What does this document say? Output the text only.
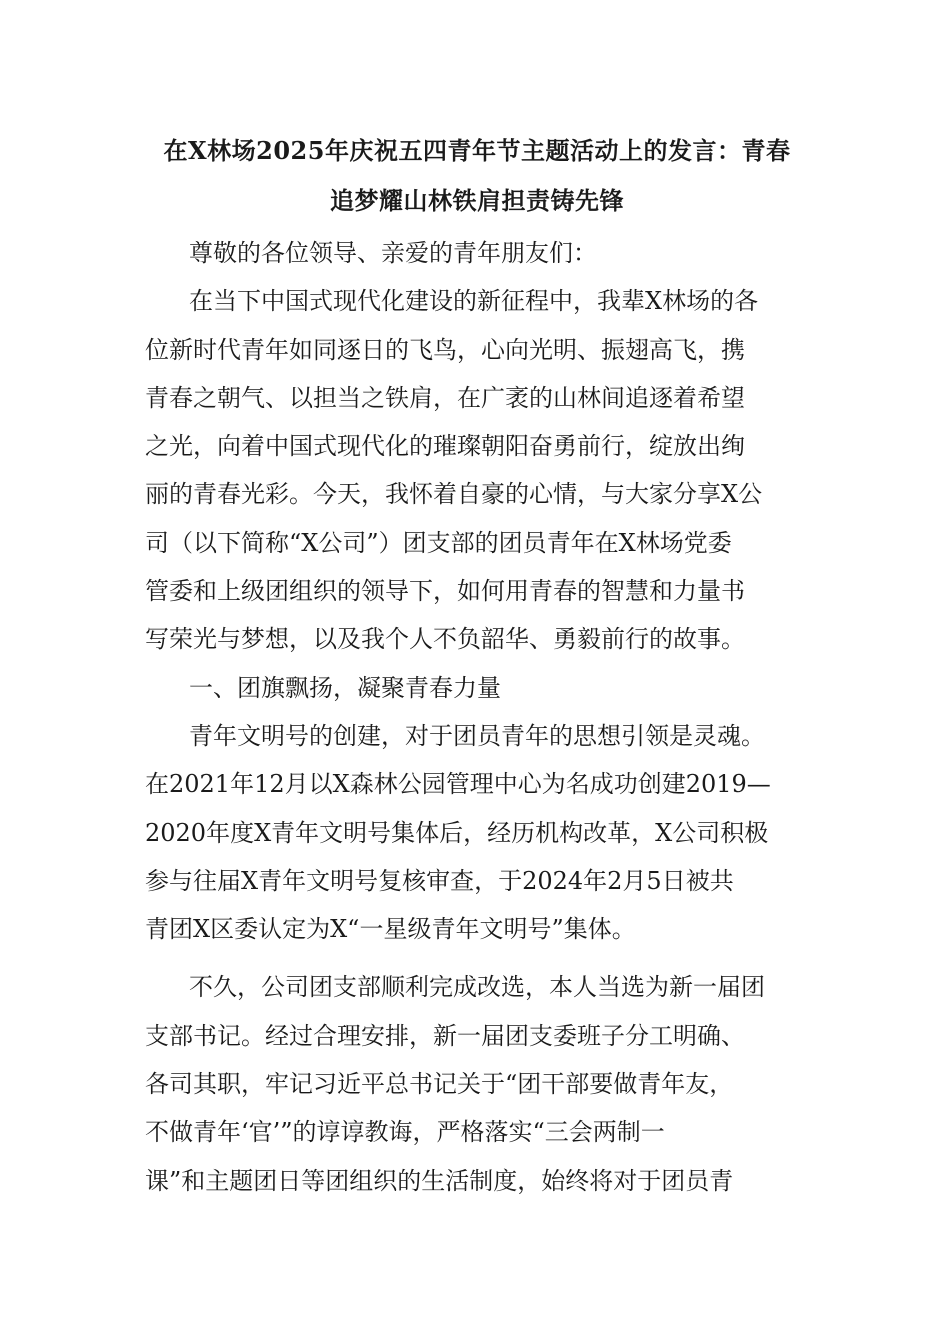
在X林场2025年庆祝五四青年节主题活动上的发言：青春
追梦耀山林铁肩担责铸先锋

尊敬的各位领导、亲爱的青年朋友们：

在当下中国式现代化建设的新征程中，我辈X林场的各
位新时代青年如同逐日的飞鸟，心向光明、振翅高飞，携
青春之朝气、以担当之铁肩，在广袤的山林间追逐着希望
之光，向着中国式现代化的璀璨朝阳奋勇前行，绽放出绚
丽的青春光彩。今天，我怀着自豪的心情，与大家分享X公
司（以下简称“X公司”）团支部的团员青年在X林场党委
管委和上级团组织的领导下，如何用青春的智慧和力量书
写荣光与梦想，以及我个人不负韶华、勇毅前行的故事。

一、团旗飘扬，凝聚青春力量

青年文明号的创建，对于团员青年的思想引领是灵魂。
在2021年12月以X森林公园管理中心为名成功创建2019—
2020年度X青年文明号集体后，经历机构改革，X公司积极
参与往届X青年文明号复核审查，于2024年2月5日被共
青团X区委认定为X“一星级青年文明号”集体。

不久，公司团支部顺利完成改选，本人当选为新一届团
支部书记。经过合理安排，新一届团支委班子分工明确、
各司其职，牢记习近平总书记关于“团干部要做青年友，
不做青年‘官’”的谆谆教诲，严格落实“三会两制一
课”和主题团日等团组织的生活制度，始终将对于团员青
